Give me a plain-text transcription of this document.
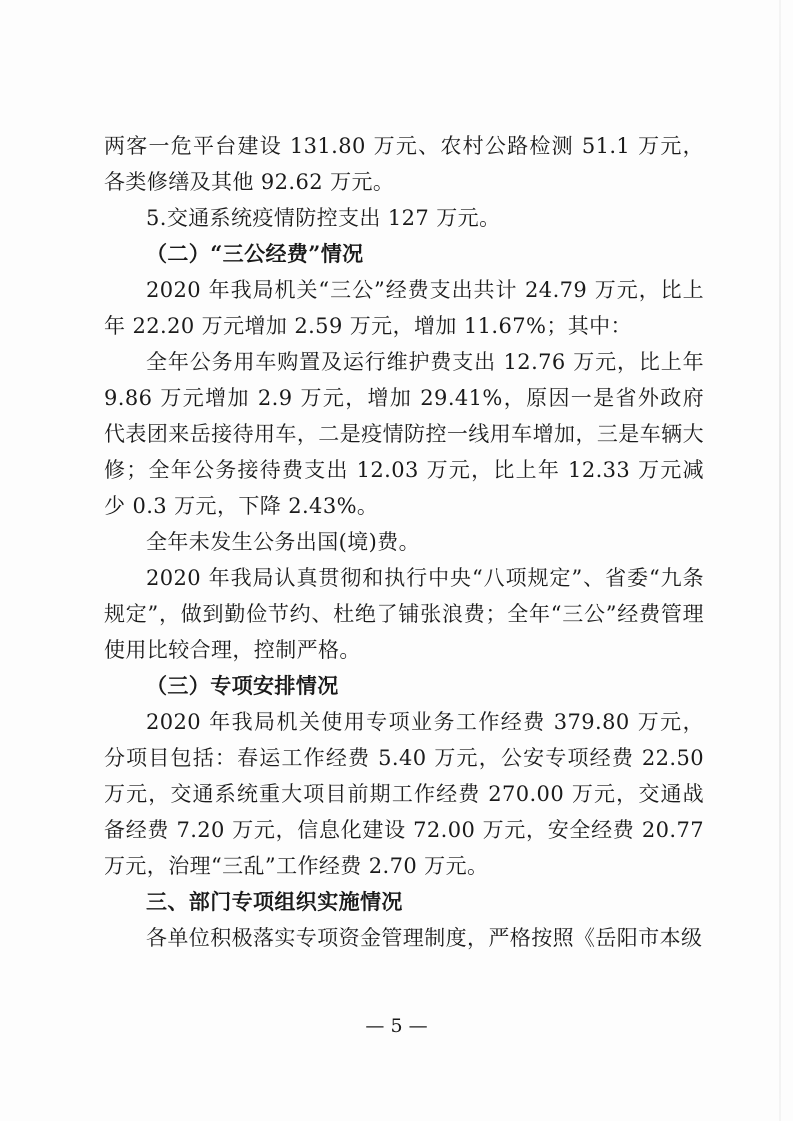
两客一危平台建设 131.80 万元、农村公路检测 51.1 万元，各类修缮及其他 92.62 万元。

5.交通系统疫情防控支出 127 万元。

（二）“三公经费”情况

2020 年我局机关“三公”经费支出共计 24.79 万元，比上年 22.20 万元增加 2.59 万元，增加 11.67%；其中：

全年公务用车购置及运行维护费支出 12.76 万元，比上年 9.86 万元增加 2.9 万元，增加 29.41%，原因一是省外政府代表团来岳接待用车，二是疫情防控一线用车增加，三是车辆大修；全年公务接待费支出 12.03 万元，比上年 12.33 万元减少 0.3 万元，下降 2.43%。

全年未发生公务出国(境)费。

2020 年我局认真贯彻和执行中央“八项规定”、省委“九条规定”，做到勤俭节约、杜绝了铺张浪费；全年“三公”经费管理使用比较合理，控制严格。

（三）专项安排情况

2020 年我局机关使用专项业务工作经费 379.80 万元，分项目包括：春运工作经费 5.40 万元，公安专项经费 22.50 万元，交通系统重大项目前期工作经费 270.00 万元，交通战备经费 7.20 万元，信息化建设 72.00 万元，安全经费 20.77 万元，治理“三乱”工作经费 2.70 万元。

三、部门专项组织实施情况

各单位积极落实专项资金管理制度，严格按照《岳阳市本级

— 5 —
